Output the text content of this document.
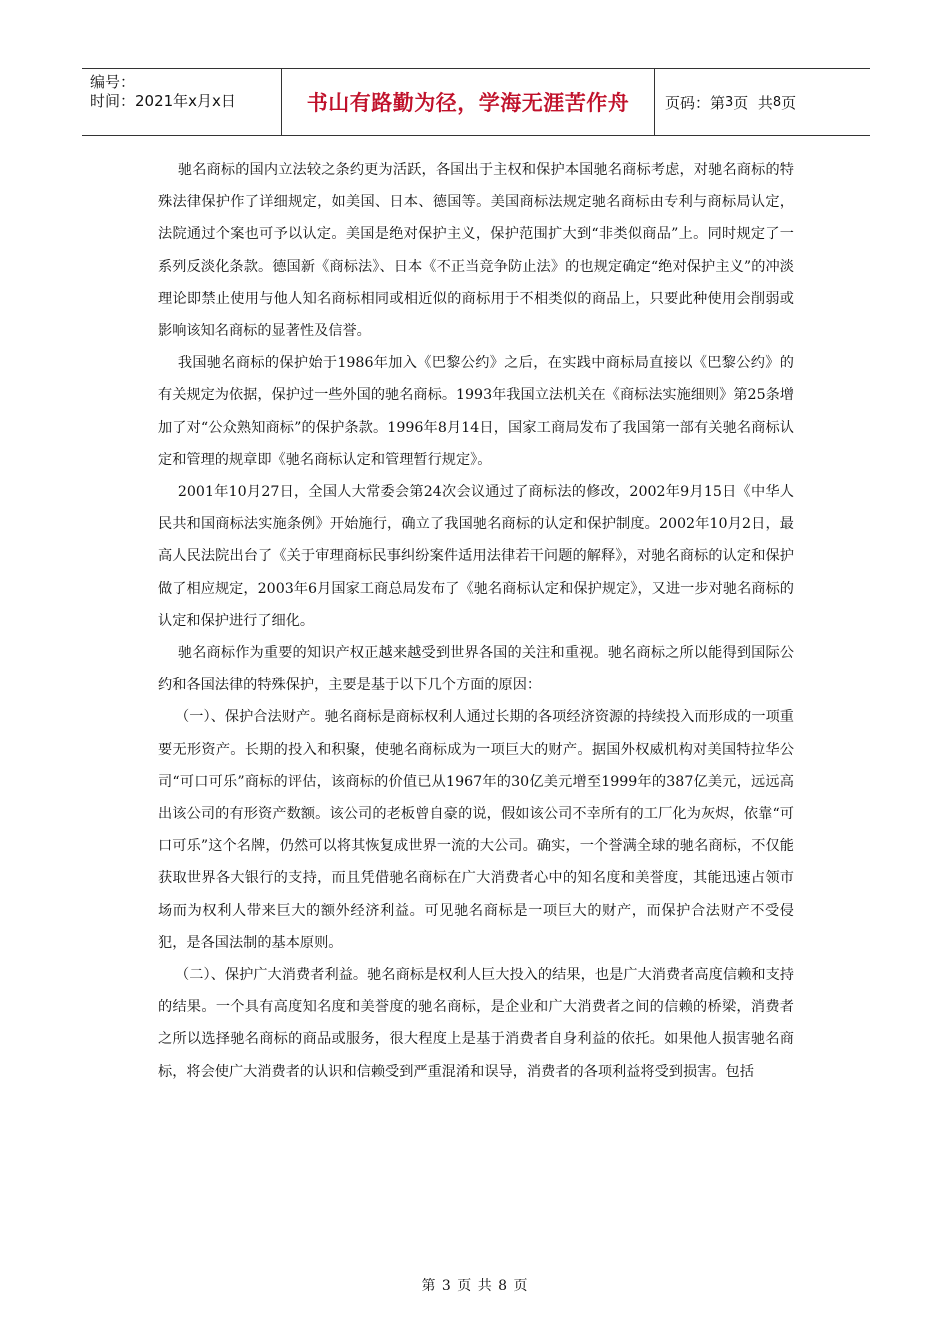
编号：
时间：2021年x月x日	书山有路勤为径，学海无涯苦作舟	页码：第 3 页  共 8 页

驰名商标的国内立法较之条约更为活跃，各国出于主权和保护本国驰名商标考虑，对驰名商标的特殊法律保护作了详细规定，如美国、日本、德国等。美国商标法规定驰名商标由专利与商标局认定，法院通过个案也可予以认定。美国是绝对保护主义，保护范围扩大到“非类似商品”上。同时规定了一系列反淡化条款。德国新《商标法》、日本《不正当竞争防止法》的也规定确定“绝对保护主义”的冲淡理论即禁止使用与他人知名商标相同或相近似的商标用于不相类似的商品上，只要此种使用会削弱或影响该知名商标的显著性及信誉。

我国驰名商标的保护始于1986年加入《巴黎公约》之后，在实践中商标局直接以《巴黎公约》的有关规定为依据，保护过一些外国的驰名商标。1993年我国立法机关在《商标法实施细则》第25条增加了对“公众熟知商标”的保护条款。1996年8月14日，国家工商局发布了我国第一部有关驰名商标认定和管理的规章即《驰名商标认定和管理暂行规定》。

2001年10月27日，全国人大常委会第24次会议通过了商标法的修改，2002年9月15日《中华人民共和国商标法实施条例》开始施行，确立了我国驰名商标的认定和保护制度。2002年10月2日，最高人民法院出台了《关于审理商标民事纠纷案件适用法律若干问题的解释》，对驰名商标的认定和保护做了相应规定，2003年6月国家工商总局发布了《驰名商标认定和保护规定》，又进一步对驰名商标的认定和保护进行了细化。

驰名商标作为重要的知识产权正越来越受到世界各国的关注和重视。驰名商标之所以能得到国际公约和各国法律的特殊保护，主要是基于以下几个方面的原因：

（一）、保护合法财产。驰名商标是商标权利人通过长期的各项经济资源的持续投入而形成的一项重要无形资产。长期的投入和积聚，使驰名商标成为一项巨大的财产。据国外权威机构对美国特拉华公司“可口可乐”商标的评估，该商标的价值已从1967年的30亿美元增至1999年的387亿美元，远远高出该公司的有形资产数额。该公司的老板曾自豪的说，假如该公司不幸所有的工厂化为灰烬，依靠“可口可乐”这个名牌，仍然可以将其恢复成世界一流的大公司。确实，一个誉满全球的驰名商标，不仅能获取世界各大银行的支持，而且凭借驰名商标在广大消费者心中的知名度和美誉度，其能迅速占领市场而为权利人带来巨大的额外经济利益。可见驰名商标是一项巨大的财产，而保护合法财产不受侵犯，是各国法制的基本原则。

（二）、保护广大消费者利益。驰名商标是权利人巨大投入的结果，也是广大消费者高度信赖和支持的结果。一个具有高度知名度和美誉度的驰名商标，是企业和广大消费者之间的信赖的桥梁，消费者之所以选择驰名商标的商品或服务，很大程度上是基于消费者自身利益的依托。如果他人损害驰名商标，将会使广大消费者的认识和信赖受到严重混淆和误导，消费者的各项利益将受到损害。包括

第 3 页 共 8 页
